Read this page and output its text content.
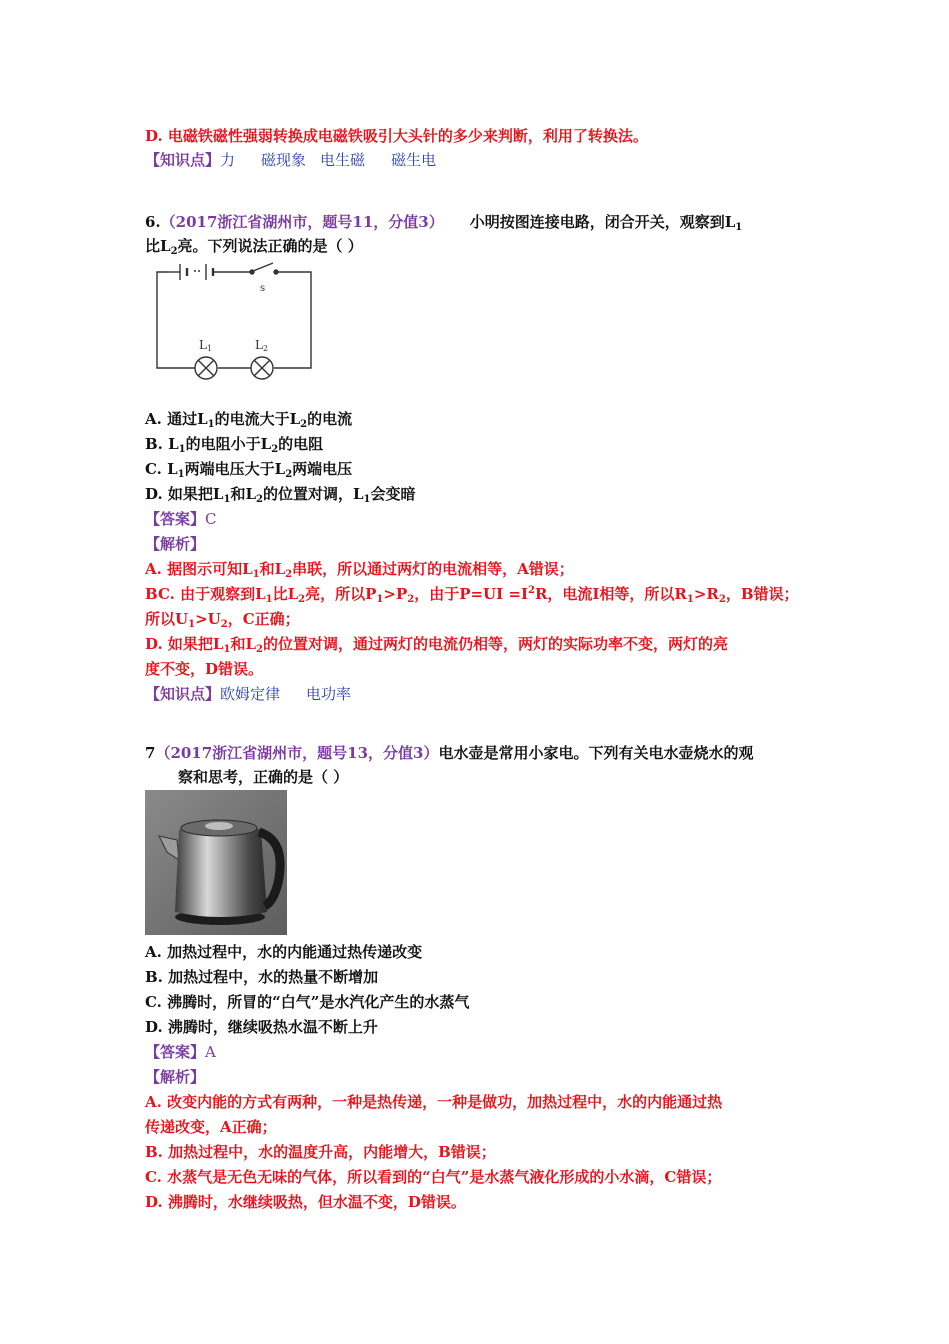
D. 电磁铁磁性强弱转换成电磁铁吸引大头针的多少来判断，利用了转换法。
【知识点】力 磁现象 电生磁 磁生电
6.（2017浙江省湖州市，题号11，分值3） 小明按图连接电路，闭合开关，观察到$L_1$
比$L_2$亮。下列说法正确的是（ ）
s
L1	L2
A. 通过$L_1$的电流大于$L_2$的电流
B. $L_1$的电阻小于$L_2$的电阻
C. $L_1$两端电压大于$L_2$两端电压
D. 如果把$L_1$和$L_2$的位置对调，$L_1$会变暗
【答案】C
【解析】
A. 据图示可知$L_1$和$L_2$串联，所以通过两灯的电流相等，A错误；
BC. 由于观察到$L_1$比$L_2$亮，所以$P_1>P_2$，由于$P=UI =I^2R$，电流I相等，所以$R_1>R_2$，B错误；
所以$U_1>U_2$，C正确；
D. 如果把$L_1$和$L_2$的位置对调，通过两灯的电流仍相等，两灯的实际功率不变，两灯的亮
度不变，D错误。
【知识点】欧姆定律 电功率
7（2017浙江省湖州市，题号13，分值3）电水壶是常用小家电。下列有关电水壶烧水的观
察和思考，正确的是（ ）
A. 加热过程中，水的内能通过热传递改变
B. 加热过程中，水的热量不断增加
C. 沸腾时，所冒的“白气”是水汽化产生的水蒸气
D. 沸腾时，继续吸热水温不断上升
【答案】A
【解析】
A. 改变内能的方式有两种，一种是热传递，一种是做功，加热过程中，水的内能通过热
传递改变，A正确；
B. 加热过程中，水的温度升高，内能增大，B错误；
C. 水蒸气是无色无味的气体，所以看到的“白气”是水蒸气液化形成的小水滴，C错误；
D. 沸腾时，水继续吸热，但水温不变，D错误。
